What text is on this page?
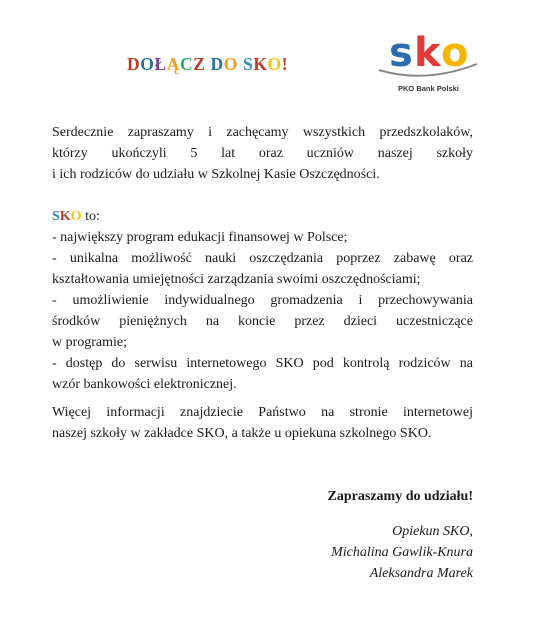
DOŁĄCZ DO SKO!	s k o
PKO Bank Polski
Serdecznie zapraszamy i zachęcamy wszystkich przedszkolaków,
którzy ukończyli 5 lat oraz uczniów naszej szkoły
i ich rodziców do udziału w Szkolnej Kasie Oszczędności.
SKO to:
- największy program edukacji finansowej w Polsce;
- unikalna możliwość nauki oszczędzania poprzez zabawę oraz
kształtowania umiejętności zarządzania swoimi oszczędnościami;
- umożliwienie indywidualnego gromadzenia i przechowywania
środków pieniężnych na koncie przez dzieci uczestniczące
w programie;
- dostęp do serwisu internetowego SKO pod kontrolą rodziców na
wzór bankowości elektronicznej.
Więcej informacji znajdziecie Państwo na stronie internetowej
naszej szkoły w zakładce SKO, a także u opiekuna szkolnego SKO.
Zapraszamy do udziału!
Opiekun SKO,
Michalina Gawlik-Knura
Aleksandra Marek
